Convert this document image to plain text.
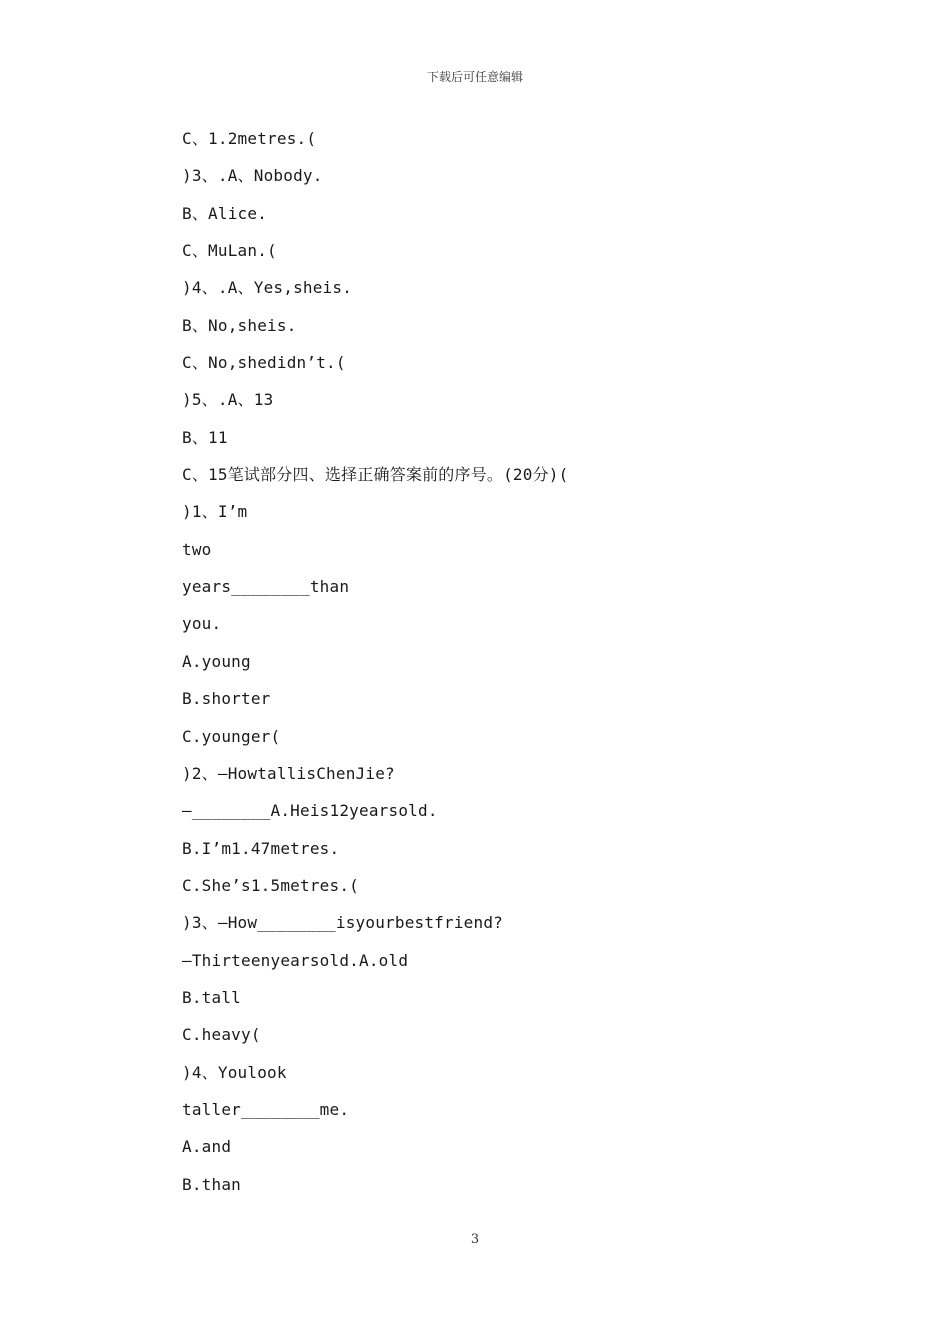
下载后可任意编辑
C、1.2metres.(
)3、.A、Nobody.
B、Alice.
C、MuLan.(
)4、.A、Yes,sheis.
B、No,sheis.
C、No,shedidn’t.(
)5、.A、13
B、11
C、15笔试部分四、选择正确答案前的序号。(20分)(
)1、I’m
two
years________than
you.
A.young
B.shorter
C.younger(
)2、—HowtallisChenJie?
—________A.Heis12yearsold.
B.I’m1.47metres.
C.She’s1.5metres.(
)3、—How________isyourbestfriend?
—Thirteenyearsold.A.old
B.tall
C.heavy(
)4、Youlook
taller________me.
A.and
B.than
3
